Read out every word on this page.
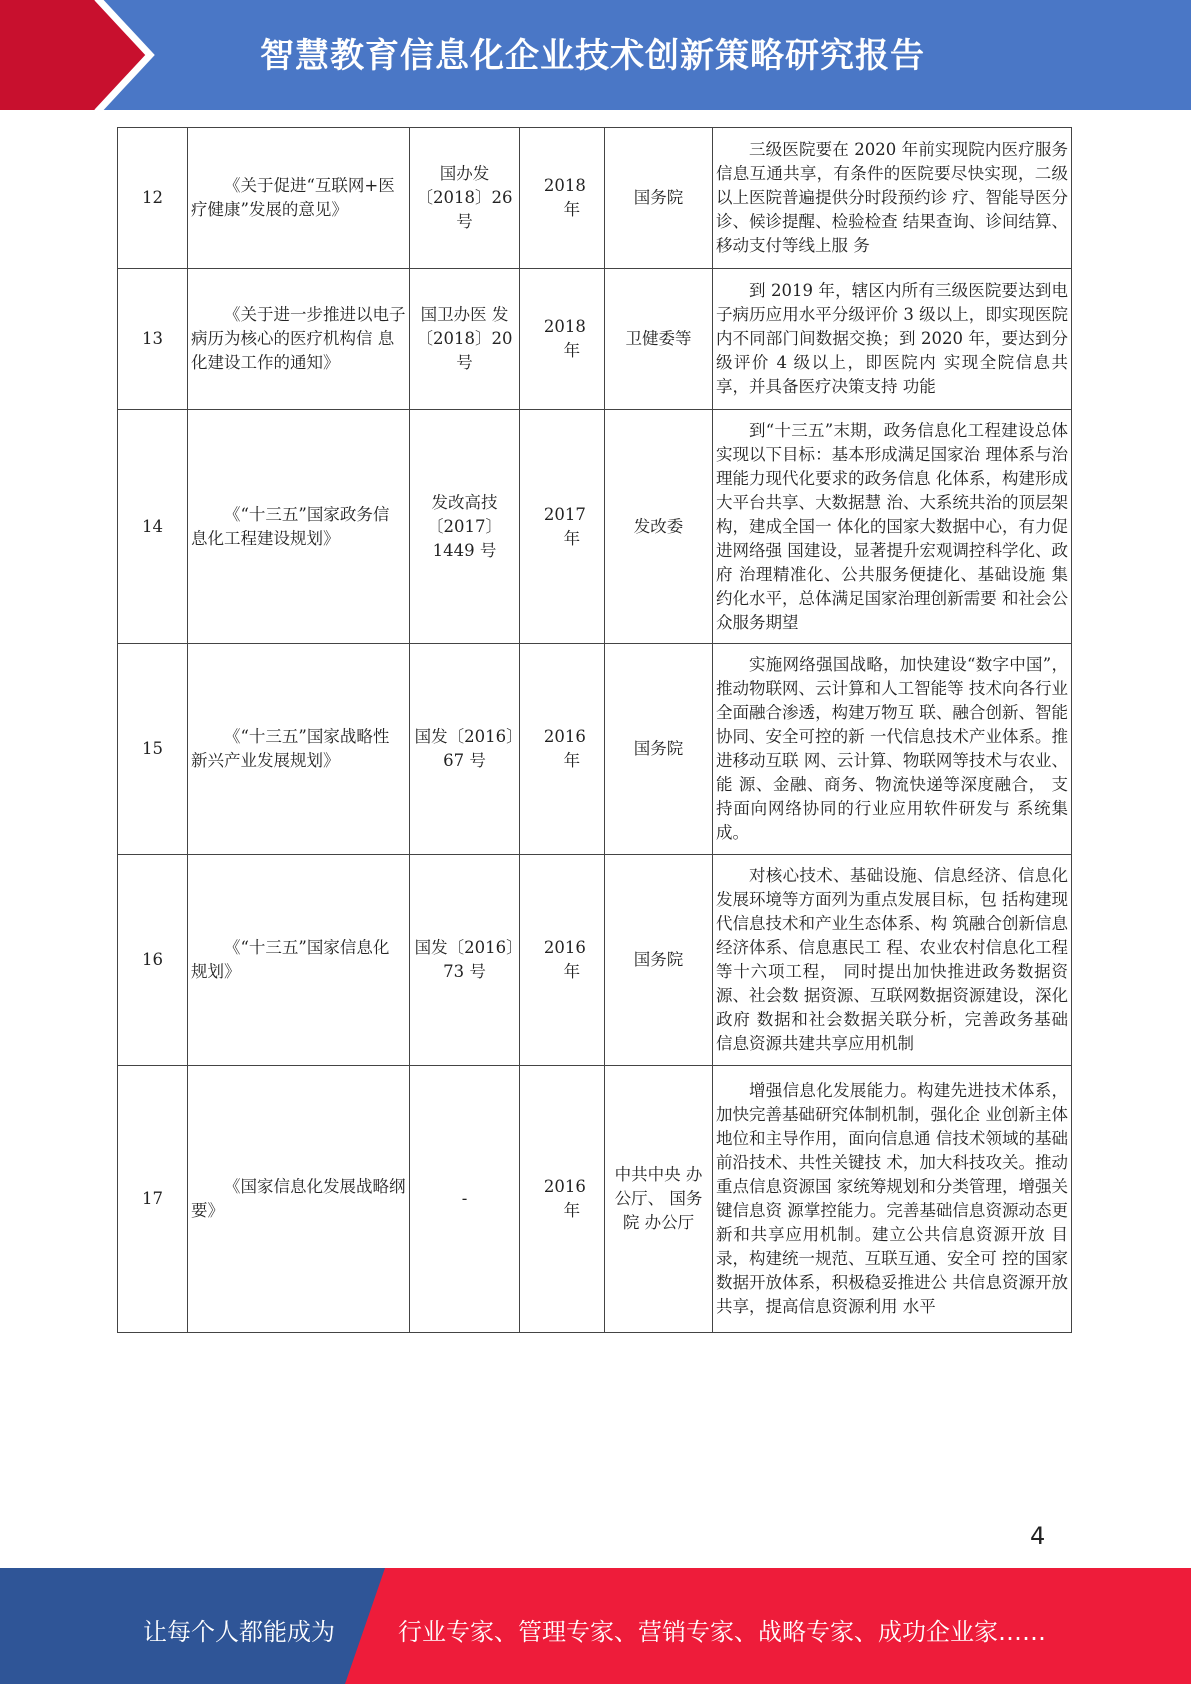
智慧教育信息化企业技术创新策略研究报告
12	《关于促进“互联网+医 疗健康”发展的意见》	国办发〔2018〕26 号	2018 年	国务院	三级医院要在 2020 年前实现院内医疗服务 信息互通共享，有条件的医院要尽快实现，二级以上医院普遍提供分时段预约诊 疗、智能导医分诊、候诊提醒、检验检查 结果查询、诊间结算、移动支付等线上服 务

13	《关于进一步推进以电子 病历为核心的医疗机构信 息化建设工作的通知》	国卫办医 发〔2018〕20 号	2018 年	卫健委等	到 2019 年，辖区内所有三级医院要达到电 子病历应用水平分级评价 3 级以上，即实现医院内不同部门间数据交换；到 2020 年，要达到分级评价 4 级以上，即医院内 实现全院信息共享，并具备医疗决策支持 功能

14	《“十三五”国家政务信 息化工程建设规划》	发改高技〔2017〕1449 号	2017 年	发改委	到“十三五”末期，政务信息化工程建设总体实现以下目标：基本形成满足国家治 理体系与治理能力现代化要求的政务信息 化体系，构建形成大平台共享、大数据慧 治、大系统共治的顶层架构，建成全国一 体化的国家大数据中心，有力促进网络强 国建设，显著提升宏观调控科学化、政府 治理精准化、公共服务便捷化、基础设施 集约化水平，总体满足国家治理创新需要 和社会公众服务期望

15	《“十三五”国家战略性 新兴产业发展规划》	国发〔2016〕67 号	2016 年	国务院	实施网络强国战略，加快建设“数字中国”，推动物联网、云计算和人工智能等 技术向各行业全面融合渗透，构建万物互 联、融合创新、智能协同、安全可控的新 一代信息技术产业体系。推进移动互联 网、云计算、物联网等技术与农业、能 源、金融、商务、物流快递等深度融合， 支持面向网络协同的行业应用软件研发与 系统集成。

16	《“十三五”国家信息化 规划》	国发〔2016〕73 号	2016 年	国务院	对核心技术、基础设施、信息经济、信息化发展环境等方面列为重点发展目标，包 括构建现代信息技术和产业生态体系、构 筑融合创新信息经济体系、信息惠民工 程、农业农村信息化工程等十六项工程， 同时提出加快推进政务数据资源、社会数 据资源、互联网数据资源建设，深化政府 数据和社会数据关联分析，完善政务基础 信息资源共建共享应用机制

17	《国家信息化发展战略纲 要》	-	2016 年	中共中央 办公厅、 国务院 办公厅	增强信息化发展能力。构建先进技术体系，加快完善基础研究体制机制，强化企 业创新主体地位和主导作用，面向信息通 信技术领域的基础前沿技术、共性关键技 术，加大科技攻关。推动重点信息资源国 家统筹规划和分类管理，增强关键信息资 源掌控能力。完善基础信息资源动态更新和共享应用机制。建立公共信息资源开放 目录，构建统一规范、互联互通、安全可 控的国家数据开放体系，积极稳妥推进公 共信息资源开放共享，提高信息资源利用 水平
4
让每个人都能成为	行业专家、管理专家、营销专家、战略专家、成功企业家……
